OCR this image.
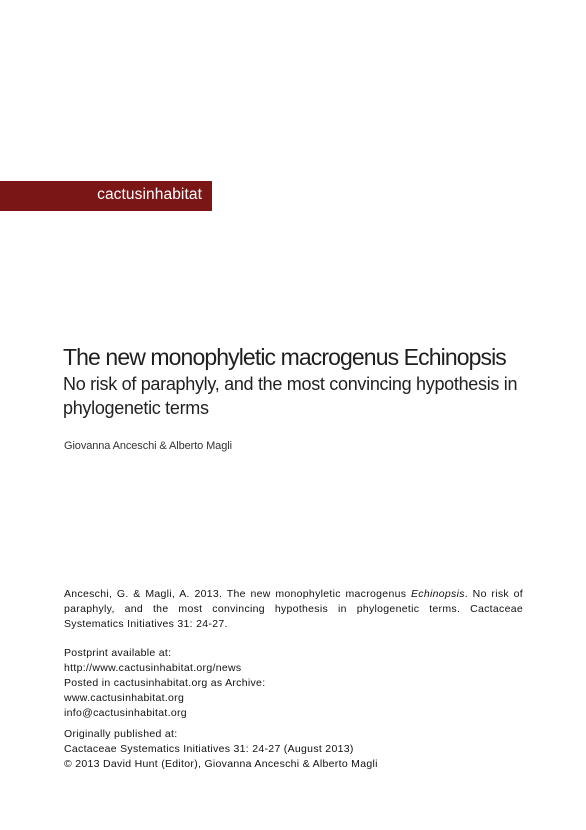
cactusinhabitat
The new monophyletic macrogenus Echinopsis
No risk of paraphyly, and the most convincing hypothesis in phylogenetic terms
Giovanna Anceschi & Alberto Magli
Anceschi, G. & Magli, A. 2013. The new monophyletic macrogenus Echinopsis. No risk of paraphyly, and the most convincing hypothesis in phylogenetic terms. Cactaceae Systematics Initiatives 31: 24-27.
Postprint available at:
http://www.cactusinhabitat.org/news
Posted in cactusinhabitat.org as Archive:
www.cactusinhabitat.org
info@cactusinhabitat.org
Originally published at:
Cactaceae Systematics Initiatives 31: 24-27 (August 2013)
© 2013 David Hunt (Editor), Giovanna Anceschi & Alberto Magli
